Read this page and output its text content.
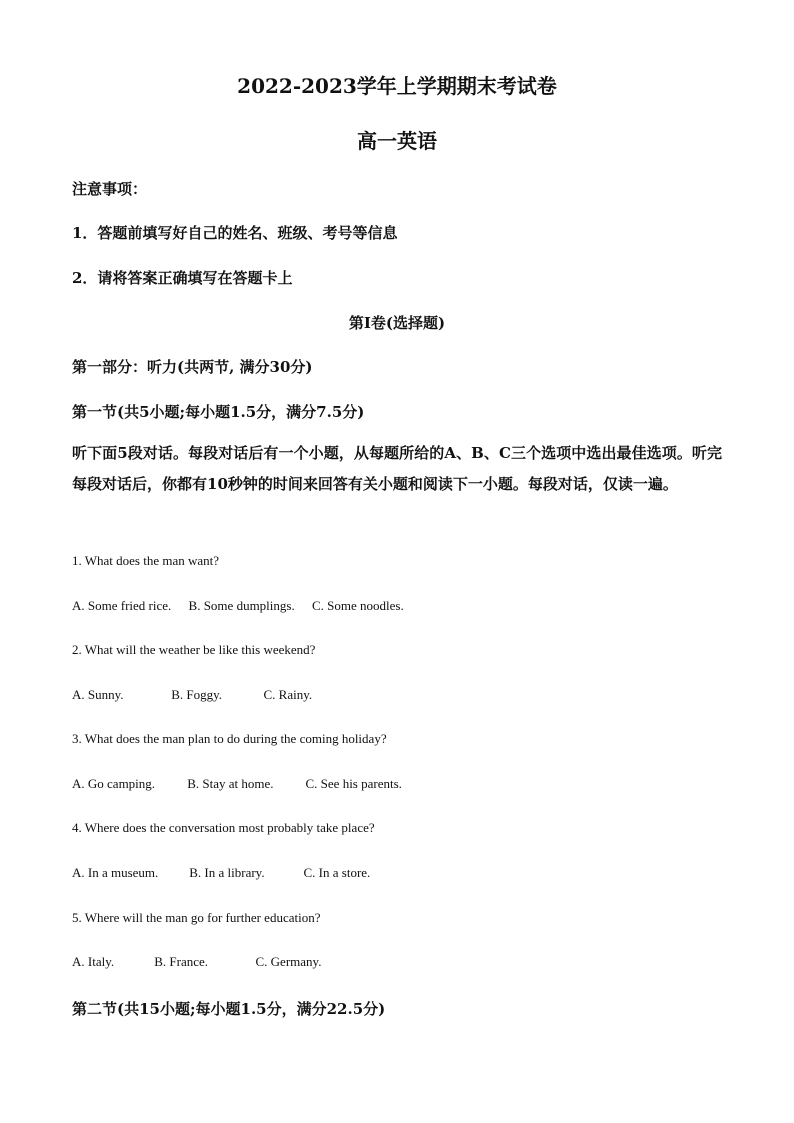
2022-2023学年上学期期末考试卷
高一英语
注意事项：
1．答题前填写好自己的姓名、班级、考号等信息
2．请将答案正确填写在答题卡上
第I卷(选择题)
第一部分：听力(共两节, 满分30分)
第一节(共5小题;每小题1.5分，满分7.5分)
听下面5段对话。每段对话后有一个小题，从每题所给的A、B、C三个选项中选出最佳选项。听完每段对话后，你都有10秒钟的时间来回答有关小题和阅读下一小题。每段对话，仅读一遍。
1. What does the man want?
A. Some fried rice. B. Some dumplings. C. Some noodles.
2. What will the weather be like this weekend?
A. Sunny.	B. Foggy.	C. Rainy.
3. What does the man plan to do during the coming holiday?
A. Go camping. B. Stay at home. C. See his parents.
4. Where does the conversation most probably take place?
A. In a museum. B. In a library.	C. In a store.
5. Where will the man go for further education?
A. Italy.	B. France.	C. Germany.
第二节(共15小题;每小题1.5分，满分22.5分)
